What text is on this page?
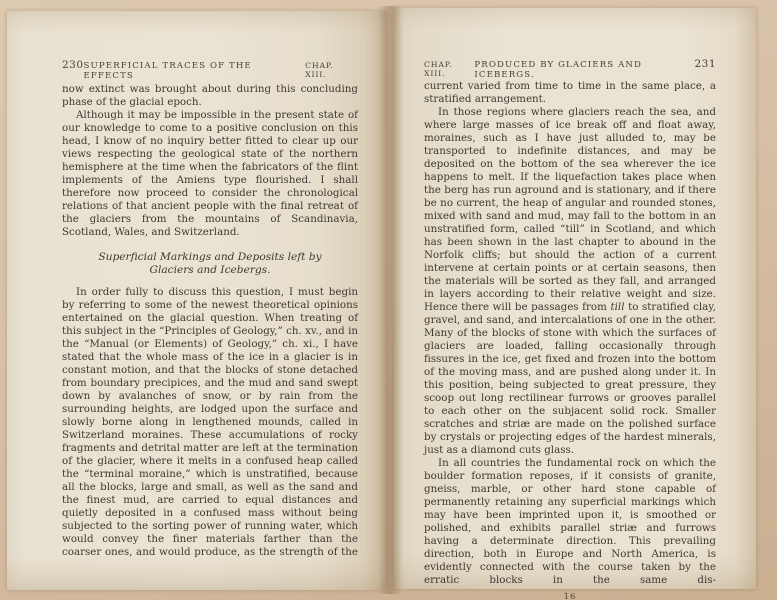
230 SUPERFICIAL TRACES OF THE EFFECTS
CHAP. XIII.

now extinct was brought about during this concluding phase of the glacial epoch.

Although it may be impossible in the present state of our knowledge to come to a positive conclusion on this head, I know of no inquiry better fitted to clear up our views respecting the geological state of the northern hemisphere at the time when the fabricators of the flint implements of the Amiens type flourished. I shall therefore now proceed to consider the chronological relations of that ancient people with the final retreat of the glaciers from the mountains of Scandinavia, Scotland, Wales, and Switzerland.

Superficial Markings and Deposits left by Glaciers and Icebergs.

In order fully to discuss this question, I must begin by referring to some of the newest theoretical opinions entertained on the glacial question. When treating of this subject in the “Principles of Geology,” ch. xv., and in the “Manual (or Elements) of Geology,” ch. xi., I have stated that the whole mass of the ice in a glacier is in constant motion, and that the blocks of stone detached from boundary precipices, and the mud and sand swept down by avalanches of snow, or by rain from the surrounding heights, are lodged upon the surface and slowly borne along in lengthened mounds, called in Switzerland moraines. These accumulations of rocky fragments and detrital matter are left at the termination of the glacier, where it melts in a confused heap called the “terminal moraine,” which is unstratified, because all the blocks, large and small, as well as the sand and the finest mud, are carried to equal distances and quietly deposited in a confused mass without being subjected to the sorting power of running water, which would convey the finer materials farther than the coarser ones, and would produce, as the strength of the

CHAP. XIII.
PRODUCED BY GLACIERS AND ICEBERGS.
231

current varied from time to time in the same place, a stratified arrangement.

In those regions where glaciers reach the sea, and where large masses of ice break off and float away, moraines, such as I have just alluded to, may be transported to indefinite distances, and may be deposited on the bottom of the sea wherever the ice happens to melt. If the liquefaction takes place when the berg has run aground and is stationary, and if there be no current, the heap of angular and rounded stones, mixed with sand and mud, may fall to the bottom in an unstratified form, called “till” in Scotland, and which has been shown in the last chapter to abound in the Norfolk cliffs; but should the action of a current intervene at certain points or at certain seasons, then the materials will be sorted as they fall, and arranged in layers according to their relative weight and size. Hence there will be passages from till to stratified clay, gravel, and sand, and intercalations of one in the other. Many of the blocks of stone with which the surfaces of glaciers are loaded, falling occasionally through fissures in the ice, get fixed and frozen into the bottom of the moving mass, and are pushed along under it. In this position, being subjected to great pressure, they scoop out long rectilinear furrows or grooves parallel to each other on the subjacent solid rock. Smaller scratches and striæ are made on the polished surface by crystals or projecting edges of the hardest minerals, just as a diamond cuts glass.

In all countries the fundamental rock on which the boulder formation reposes, if it consists of granite, gneiss, marble, or other hard stone capable of permanently retaining any superficial markings which may have been imprinted upon it, is smoothed or polished, and exhibits parallel striæ and furrows having a determinate direction. This prevailing direction, both in Europe and North America, is evidently connected with the course taken by the erratic blocks in the same dis-

16
